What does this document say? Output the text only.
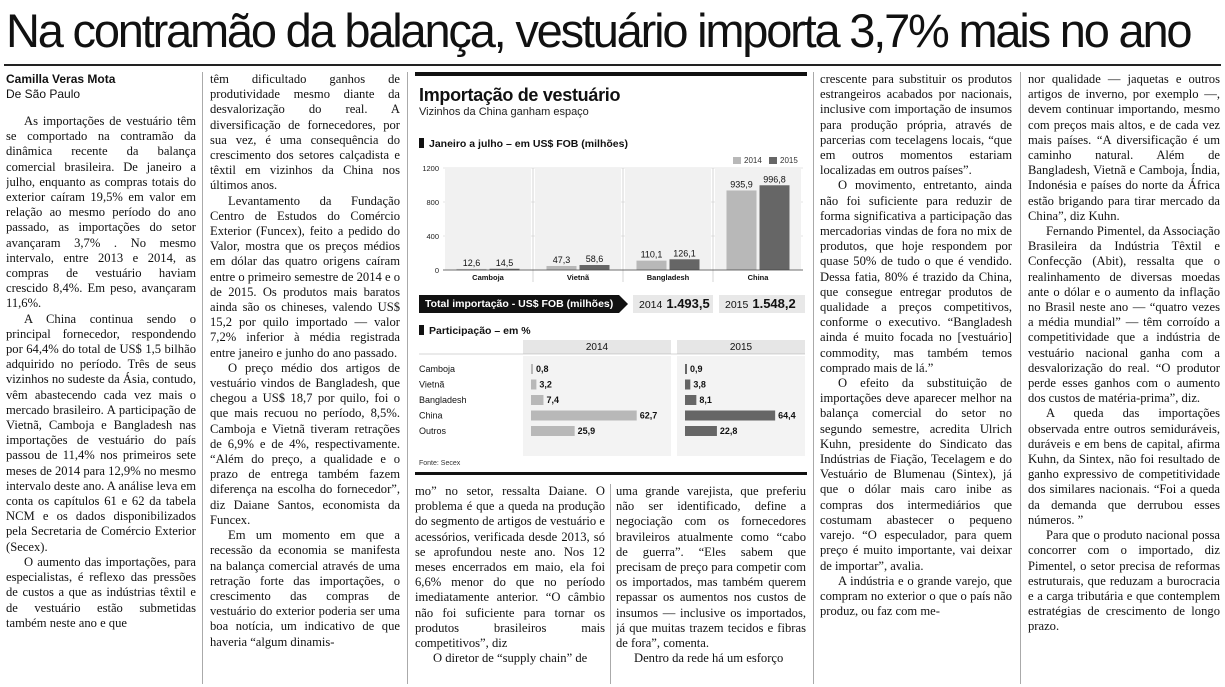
Na contramão da balança, vestuário importa 3,7% mais no ano
Camilla Veras Mota
De São Paulo

As importações de vestuário têm se comportado na contramão da dinâmica recente da balança comercial brasileira. De janeiro a julho, enquanto as compras totais do exterior caíram 19,5% em valor em relação ao mesmo período do ano passado, as importações do setor avançaram 3,7% . No mesmo intervalo, entre 2013 e 2014, as compras de vestuário haviam crescido 8,4%. Em peso, avançaram 11,6%.

A China continua sendo o principal fornecedor, respondendo por 64,4% do total de US$ 1,5 bilhão adquirido no período. Três de seus vizinhos no sudeste da Ásia, contudo, vêm abastecendo cada vez mais o mercado brasileiro. A participação de Vietnã, Camboja e Bangladesh nas importações de vestuário do país passou de 11,4% nos primeiros sete meses de 2014 para 12,9% no mesmo intervalo deste ano. A análise leva em conta os capítulos 61 e 62 da tabela NCM e os dados disponibilizados pela Secretaria de Comércio Exterior (Secex).

O aumento das importações, para especialistas, é reflexo das pressões de custos a que as indústrias têxtil e de vestuário estão submetidas também neste ano e que

têm dificultado ganhos de produtividade mesmo diante da desvalorização do real. A diversificação de fornecedores, por sua vez, é uma consequência do crescimento dos setores calçadista e têxtil em vizinhos da China nos últimos anos.

Levantamento da Fundação Centro de Estudos do Comércio Exterior (Funcex), feito a pedido do Valor, mostra que os preços médios em dólar das quatro origens caíram entre o primeiro semestre de 2014 e o de 2015. Os produtos mais baratos ainda são os chineses, valendo US$ 15,2 por quilo importado — valor 7,2% inferior à média registrada entre janeiro e junho do ano passado.

O preço médio dos artigos de vestuário vindos de Bangladesh, que chegou a US$ 18,7 por quilo, foi o que mais recuou no período, 8,5%. Camboja e Vietnã tiveram retrações de 6,9% e de 4%, respectivamente. “Além do preço, a qualidade e o prazo de entrega também fazem diferença na escolha do fornecedor”, diz Daiane Santos, economista da Funcex.

Em um momento em que a recessão da economia se manifesta na balança comercial através de uma retração forte das importações, o crescimento das compras de vestuário do exterior poderia ser uma boa notícia, um indicativo de que haveria “algum dinamis-

Importação de vestuário
Vizinhos da China ganham espaço
Janeiro a julho – em US$ FOB (milhões)
2014	2015
0
400
800
1200
12,6 14,5
Camboja
47,3 58,6
Vietnã
110,1 126,1
Bangladesh
935,9
996,8
China
Total importação - US$ FOB (milhões)	2014 1.493,5	2015 1.548,2
Participação – em %
2014	2015
Camboja	0,8	0,9
Vietnã	3,2	3,8
Bangladesh	7,4	8,1
China	62,7	64,4
Outros	25,9	22,8
Fonte: Secex

mo” no setor, ressalta Daiane. O problema é que a queda na produção do segmento de artigos de vestuário e acessórios, verificada desde 2013, só se aprofundou neste ano. Nos 12 meses encerrados em maio, ela foi 6,6% menor do que no período imediatamente anterior. “O câmbio não foi suficiente para tornar os produtos brasileiros mais competitivos”, diz

O diretor de “supply chain” de

uma grande varejista, que preferiu não ser identificado, define a negociação com os fornecedores bravileiros atualmente como “cabo de guerra”. “Eles sabem que precisam de preço para competir com os importados, mas também querem repassar os aumentos nos custos de insumos — inclusive os importados, já que muitas trazem tecidos e fibras de fora”, comenta.

Dentro da rede há um esforço

crescente para substituir os produtos estrangeiros acabados por nacionais, inclusive com importação de insumos para produção própria, através de parcerias com tecelagens locais, “que em outros momentos estariam localizadas em outros países”.

O movimento, entretanto, ainda não foi suficiente para reduzir de forma significativa a participação das mercadorias vindas de fora no mix de produtos, que hoje respondem por quase 50% de tudo o que é vendido. Dessa fatia, 80% é trazido da China, que consegue entregar produtos de qualidade a preços competitivos, conforme o executivo. “Bangladesh ainda é muito focada no [vestuário] commodity, mas também temos comprado mais de lá.”

O efeito da substituição de importações deve aparecer melhor na balança comercial do setor no segundo semestre, acredita Ulrich Kuhn, presidente do Sindicato das Indústrias de Fiação, Tecelagem e do Vestuário de Blumenau (Sintex), já que o dólar mais caro inibe as compras dos intermediários que costumam abastecer o pequeno varejo. “O especulador, para quem preço é muito importante, vai deixar de importar”, avalia.

A indústria e o grande varejo, que compram no exterior o que o país não produz, ou faz com me-

nor qualidade — jaquetas e outros artigos de inverno, por exemplo —, devem continuar importando, mesmo com preços mais altos, e de cada vez mais países. “A diversificação é um caminho natural. Além de Bangladesh, Vietnã e Camboja, Índia, Indonésia e países do norte da África estão brigando para tirar mercado da China”, diz Kuhn.

Fernando Pimentel, da Associação Brasileira da Indústria Têxtil e Confecção (Abit), ressalta que o realinhamento de diversas moedas ante o dólar e o aumento da inflação no Brasil neste ano — “quatro vezes a média mundial” — têm corroído a competitividade que a indústria de vestuário nacional ganha com a desvalorização do real. “O produtor perde esses ganhos com o aumento dos custos de matéria-prima”, diz.

A queda das importações observada entre outros semiduráveis, duráveis e em bens de capital, afirma Kuhn, da Sintex, não foi resultado de ganho expressivo de competitividade dos similares nacionais. “Foi a queda da demanda que derrubou esses números. ”

Para que o produto nacional possa concorrer com o importado, diz Pimentel, o setor precisa de reformas estruturais, que reduzam a burocracia e a carga tributária e que contemplem estratégias de crescimento de longo prazo.
